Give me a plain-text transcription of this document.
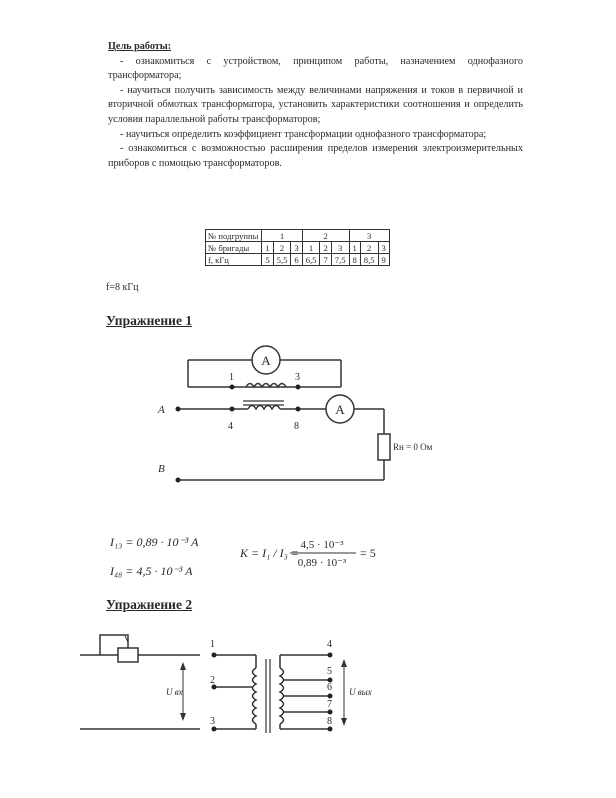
Цель работы:

- ознакомиться с устройством, принципом работы, назначением однофазного трансформатора;

- научиться получить зависимость между величинами напряжения и токов в первичной и вторичной обмотках трансформатора, установить характеристики соотношения и определить условия параллельной работы трансформаторов;

- научиться определить коэффициент трансформации однофазного трансформатора;

- ознакомиться с возможностью расширения пределов измерения электроизмерительных приборов с помощью трансформаторов.

№ подгруппы	1			2			3		
№ бригады	1	2	3	1	2	3	1	2	3
f, кГц	5	5,5	6	6,5	7	7,5	8	8,5	9
f=8 кГц
Упражнение 1
Упражнение 2
A
A
Rн = 0 Ом
1	3
4	8
A
B
I₁₃ = 0,89 · 10⁻³ A
I₄₈ = 4,5 · 10⁻³ A
K = I₁ / I₃ =
4,5 · 10⁻³
0,89 · 10⁻³
= 5
1
2
3
4
5
6
7
8
U вх	U вых
